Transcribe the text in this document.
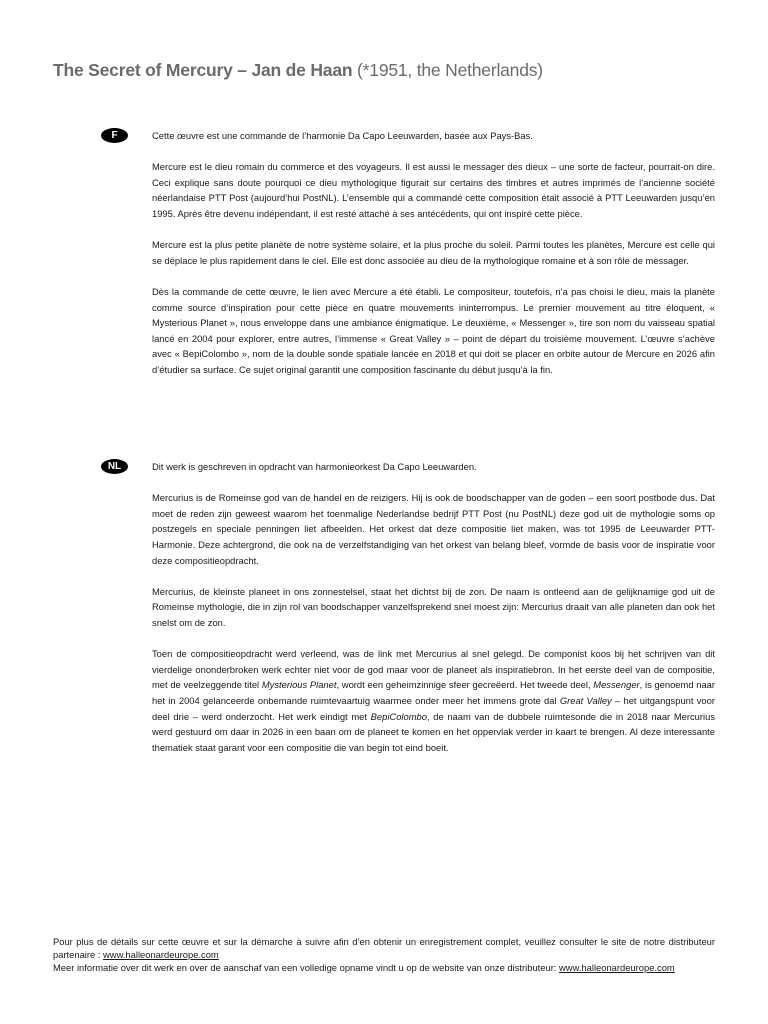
The Secret of Mercury – Jan de Haan (*1951, the Netherlands)
F	Cette œuvre est une commande de l’harmonie Da Capo Leeuwarden, basée aux Pays-Bas.

Mercure est le dieu romain du commerce et des voyageurs. Il est aussi le messager des dieux – une sorte de facteur, pourrait-on dire. Ceci explique sans doute pourquoi ce dieu mythologique figurait sur certains des timbres et autres imprimés de l’ancienne société néerlandaise PTT Post (aujourd’hui PostNL). L’ensemble qui a commandé cette composition était associé à PTT Leeuwarden jusqu’en 1995. Après être devenu indépendant, il est resté attaché à ses antécédents, qui ont inspiré cette pièce.

Mercure est la plus petite planète de notre système solaire, et la plus proche du soleil. Parmi toutes les planètes, Mercure est celle qui se déplace le plus rapidement dans le ciel. Elle est donc associée au dieu de la mythologique romaine et à son rôle de messager.

Dès la commande de cette œuvre, le lien avec Mercure a été établi. Le compositeur, toutefois, n’a pas choisi le dieu, mais la planète comme source d’inspiration pour cette pièce en quatre mouvements ininterrompus. Le premier mouvement au titre éloquent, « Mysterious Planet », nous enveloppe dans une ambiance énigmatique. Le deuxième, « Messenger », tire son nom du vaisseau spatial lancé en 2004 pour explorer, entre autres, l’immense « Great Valley » – point de départ du troisième mouvement. L’œuvre s’achève avec « BepiColombo », nom de la double sonde spatiale lancée en 2018 et qui doit se placer en orbite autour de Mercure en 2026 afin d’étudier sa surface. Ce sujet original garantit une composition fascinante du début jusqu’à la fin.

NL	Dit werk is geschreven in opdracht van harmonieorkest Da Capo Leeuwarden.

Mercurius is de Romeinse god van de handel en de reizigers. Hij is ook de boodschapper van de goden – een soort postbode dus. Dat moet de reden zijn geweest waarom het toenmalige Nederlandse bedrijf PTT Post (nu PostNL) deze god uit de mythologie soms op postzegels en speciale penningen liet afbeelden. Het orkest dat deze compositie liet maken, was tot 1995 de Leeuwarder PTT-Harmonie. Deze achtergrond, die ook na de verzelfstandiging van het orkest van belang bleef, vormde de basis voor de inspiratie voor deze compositieopdracht.

Mercurius, de kleinste planeet in ons zonnestelsel, staat het dichtst bij de zon. De naam is ontleend aan de gelijknamige god uit de Romeinse mythologie, die in zijn rol van boodschapper vanzelfsprekend snel moest zijn: Mercurius draait van alle planeten dan ook het snelst om de zon.

Toen de compositieopdracht werd verleend, was de link met Mercurius al snel gelegd. De componist koos bij het schrijven van dit vierdelige ononderbroken werk echter niet voor de god maar voor de planeet als inspiratiebron. In het eerste deel van de compositie, met de veelzeggende titel Mysterious Planet, wordt een geheimzinnige sfeer gecreëerd. Het tweede deel, Messenger, is genoemd naar het in 2004 gelanceerde onbemande ruimtevaartuig waarmee onder meer het immens grote dal Great Valley – het uitgangspunt voor deel drie – werd onderzocht. Het werk eindigt met BepiColombo, de naam van de dubbele ruimtesonde die in 2018 naar Mercurius werd gestuurd om daar in 2026 in een baan om de planeet te komen en het oppervlak verder in kaart te brengen. Al deze interessante thematiek staat garant voor een compositie die van begin tot eind boeit.

Pour plus de détails sur cette œuvre et sur la démarche à suivre afin d’en obtenir un enregistrement complet, veuillez consulter le site de notre distributeur partenaire : www.halleonardeurope.com
Meer informatie over dit werk en over de aanschaf van een volledige opname vindt u op de website van onze distributeur: www.halleonardeurope.com
